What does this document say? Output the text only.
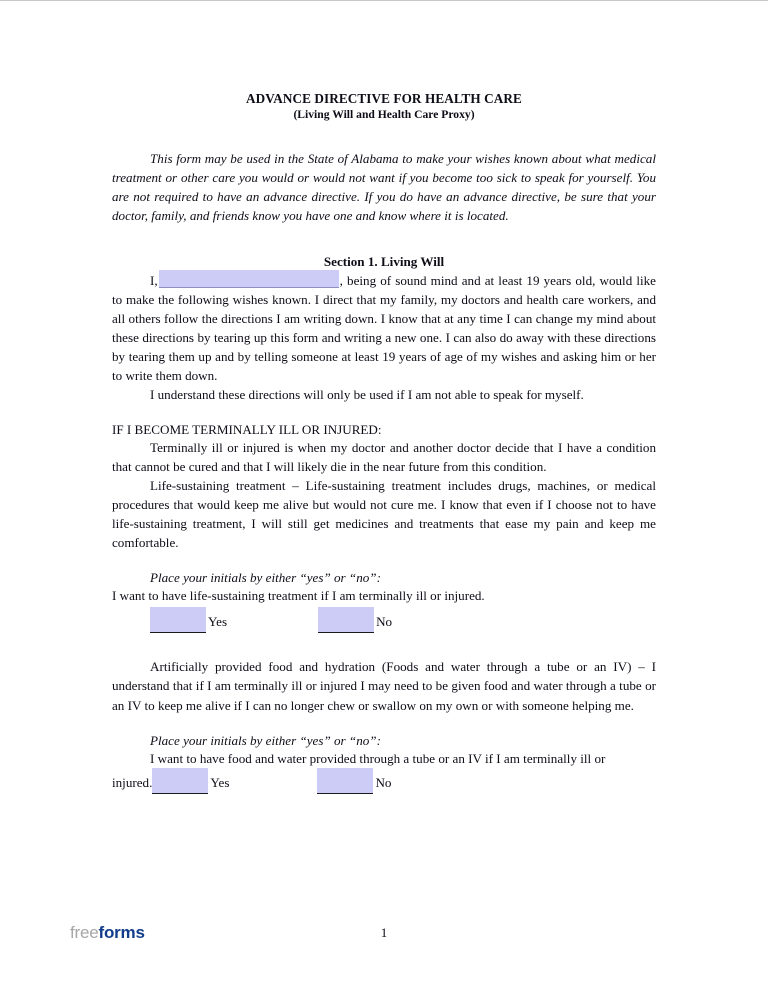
ADVANCE DIRECTIVE FOR HEALTH CARE
(Living Will and Health Care Proxy)

This form may be used in the State of Alabama to make your wishes known about what medical treatment or other care you would or would not want if you become too sick to speak for yourself. You are not required to have an advance directive. If you do have an advance directive, be sure that your doctor, family, and friends know you have one and know where it is located.

Section 1. Living Will

I,	, being of sound mind and at least 19 years old, would like to make the following wishes known. I direct that my family, my doctors and health care workers, and all others follow the directions I am writing down. I know that at any time I can change my mind about these directions by tearing up this form and writing a new one. I can also do away with these directions by tearing them up and by telling someone at least 19 years of age of my wishes and asking him or her to write them down.

I understand these directions will only be used if I am not able to speak for myself.

IF I BECOME TERMINALLY ILL OR INJURED:

Terminally ill or injured is when my doctor and another doctor decide that I have a condition that cannot be cured and that I will likely die in the near future from this condition.

Life-sustaining treatment – Life-sustaining treatment includes drugs, machines, or medical procedures that would keep me alive but would not cure me. I know that even if I choose not to have life-sustaining treatment, I will still get medicines and treatments that ease my pain and keep me comfortable.

Place your initials by either “yes” or “no”:

I want to have life-sustaining treatment if I am terminally ill or injured.

Yes	No

Artificially provided food and hydration (Foods and water through a tube or an IV) – I understand that if I am terminally ill or injured I may need to be given food and water through a tube or an IV to keep me alive if I can no longer chew or swallow on my own or with someone helping me.

Place your initials by either “yes” or “no”:

I want to have food and water provided through a tube or an IV if I am terminally ill or

injured.	Yes	No
freeforms	1
